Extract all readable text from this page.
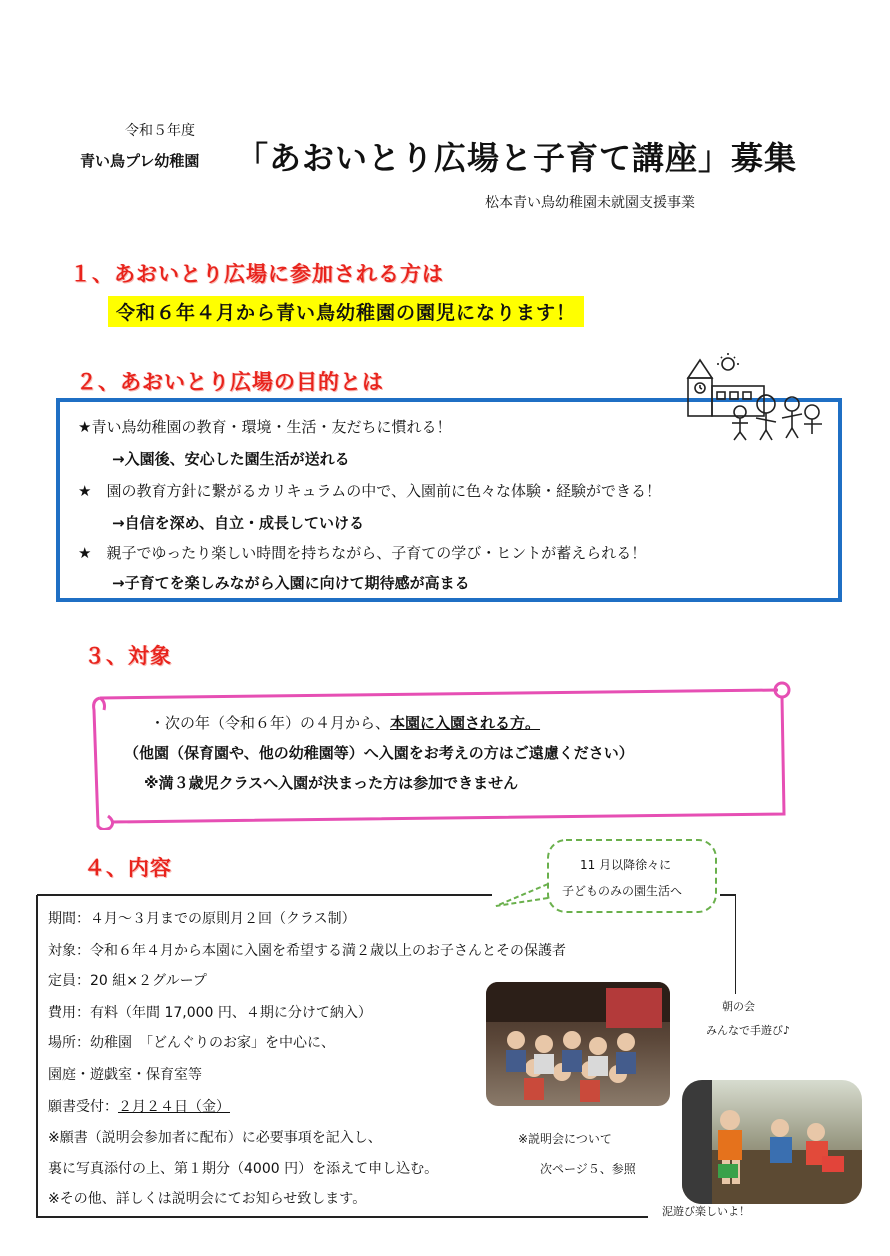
令和５年度
青い鳥プレ幼稚園 「あおいとり広場と子育て講座」募集
松本青い鳥幼稚園未就園支援事業
１、あおいとり広場に参加される方は
令和６年４月から青い鳥幼稚園の園児になります！
２、あおいとり広場の目的とは
★青い鳥幼稚園の教育・環境・生活・友だちに慣れる！
→入園後、安心した園生活が送れる
★　園の教育方針に繋がるカリキュラムの中で、入園前に色々な体験・経験ができる！
→自信を深め、自立・成長していける
★　親子でゆったり楽しい時間を持ちながら、子育ての学び・ヒントが蓄えられる！
→子育てを楽しみながら入園に向けて期待感が高まる
３、対象
・次の年（令和６年）の４月から、本園に入園される方。
（他園（保育園や、他の幼稚園等）へ入園をお考えの方はご遠慮ください）
※満３歳児クラスへ入園が決まった方は参加できません
４、内容	11 月以降徐々に
子どものみの園生活へ
期間：４月～３月までの原則月２回（クラス制）
対象：令和６年４月から本園に入園を希望する満２歳以上のお子さんとその保護者
定員：20 組×２グループ
費用：有料（年間 17,000 円、４期に分けて納入）
場所：幼稚園　「どんぐりのお家」を中心に、
園庭・遊戯室・保育室等
願書受付：２月２４日（金）
※願書（説明会参加者に配布）に必要事項を記入し、
裏に写真添付の上、第１期分（4000 円）を添えて申し込む。
※その他、詳しくは説明会にてお知らせ致します。
※説明会について
次ページ５、参照
朝の会
みんなで手遊び♪
泥遊び楽しいよ！
